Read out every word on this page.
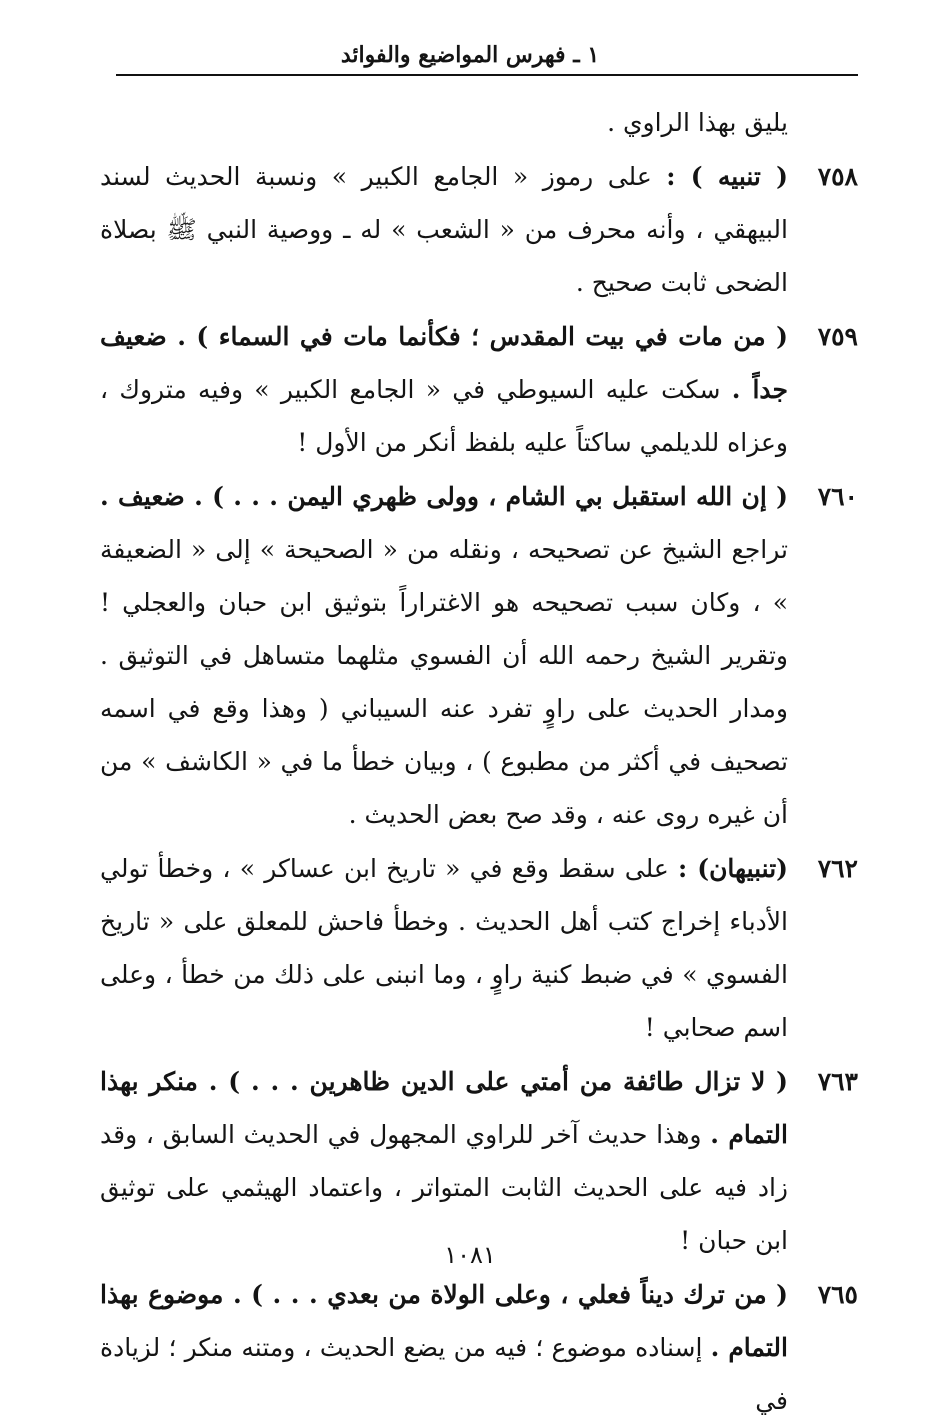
١ ـ فهرس المواضيع والفوائد
يليق بهذا الراوي .
٧٥٨
( تنبيه ) : على رموز « الجامع الكبير » ونسبة الحديث لسند البيهقي ، وأنه محرف من « الشعب » له ـ ووصية النبي ﷺ بصلاة الضحى ثابت صحيح .
٧٥٩
( من مات في بيت المقدس ؛ فكأنما مات في السماء ) . ضعيف جداً . سكت عليه السيوطي في « الجامع الكبير » وفيه متروك ، وعزاه للديلمي ساكتاً عليه بلفظ أنكر من الأول !
٧٦٠
( إن الله استقبل بي الشام ، وولى ظهري اليمن . . . ) . ضعيف . تراجع الشيخ عن تصحيحه ، ونقله من « الصحيحة » إلى « الضعيفة » ، وكان سبب تصحيحه هو الاغتراراً بتوثيق ابن حبان والعجلي ! وتقرير الشيخ رحمه الله أن الفسوي مثلهما متساهل في التوثيق . ومدار الحديث على راوٍ تفرد عنه السيباني ( وهذا وقع في اسمه تصحيف في أكثر من مطبوع ) ، وبيان خطأ ما في « الكاشف » من أن غيره روى عنه ، وقد صح بعض الحديث .
٧٦٢
(تنبيهان) : على سقط وقع في « تاريخ ابن عساكر » ، وخطأ تولي الأدباء إخراج كتب أهل الحديث . وخطأ فاحش للمعلق على « تاريخ الفسوي » في ضبط كنية راوٍ ، وما انبنى على ذلك من خطأ ، وعلى اسم صحابي !
٧٦٣
( لا تزال طائفة من أمتي على الدين ظاهرين . . . ) . منكر بهذا التمام . وهذا حديث آخر للراوي المجهول في الحديث السابق ، وقد زاد فيه على الحديث الثابت المتواتر ، واعتماد الهيثمي على توثيق ابن حبان !
٧٦٥
( من ترك ديناً فعلي ، وعلى الولاة من بعدي . . . ) . موضوع بهذا التمام . إسناده موضوع ؛ فيه من يضع الحديث ، ومتنه منكر ؛ لزيادة في
١٠٨١
